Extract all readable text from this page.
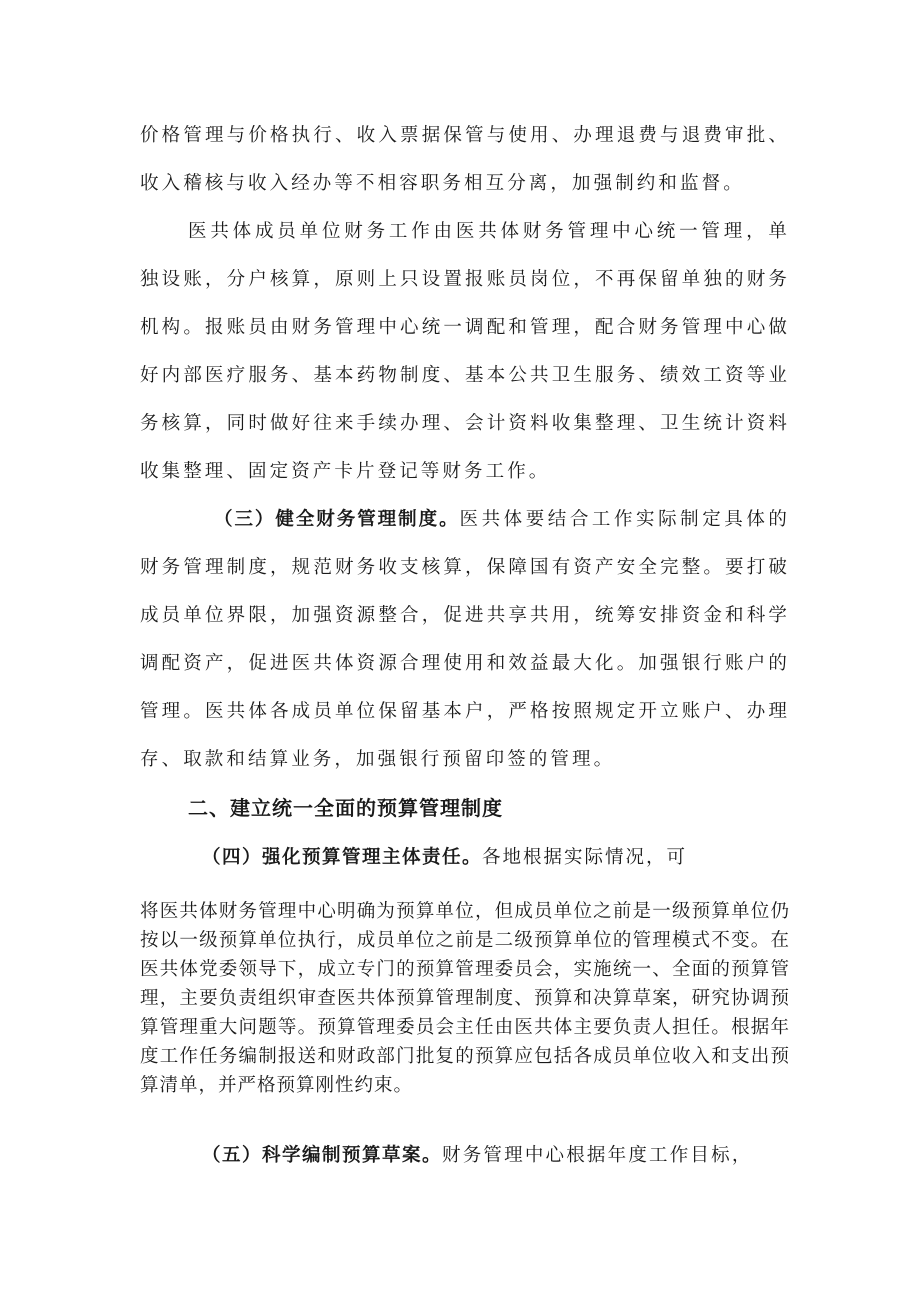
价格管理与价格执行、收入票据保管与使用、办理退费与退费审批、收入稽核与收入经办等不相容职务相互分离，加强制约和监督。

医共体成员单位财务工作由医共体财务管理中心统一管理，单独设账，分户核算，原则上只设置报账员岗位，不再保留单独的财务机构。报账员由财务管理中心统一调配和管理，配合财务管理中心做好内部医疗服务、基本药物制度、基本公共卫生服务、绩效工资等业务核算，同时做好往来手续办理、会计资料收集整理、卫生统计资料收集整理、固定资产卡片登记等财务工作。

（三）健全财务管理制度。医共体要结合工作实际制定具体的财务管理制度，规范财务收支核算，保障国有资产安全完整。要打破成员单位界限，加强资源整合，促进共享共用，统筹安排资金和科学调配资产，促进医共体资源合理使用和效益最大化。加强银行账户的管理。医共体各成员单位保留基本户，严格按照规定开立账户、办理存、取款和结算业务，加强银行预留印签的管理。

二、建立统一全面的预算管理制度

（四）强化预算管理主体责任。各地根据实际情况，可

将医共体财务管理中心明确为预算单位，但成员单位之前是一级预算单位仍按以一级预算单位执行，成员单位之前是二级预算单位的管理模式不变。在医共体党委领导下，成立专门的预算管理委员会，实施统一、全面的预算管理，主要负责组织审查医共体预算管理制度、预算和决算草案，研究协调预算管理重大问题等。预算管理委员会主任由医共体主要负责人担任。根据年度工作任务编制报送和财政部门批复的预算应包括各成员单位收入和支出预算清单，并严格预算刚性约束。

（五）科学编制预算草案。财务管理中心根据年度工作目标，
